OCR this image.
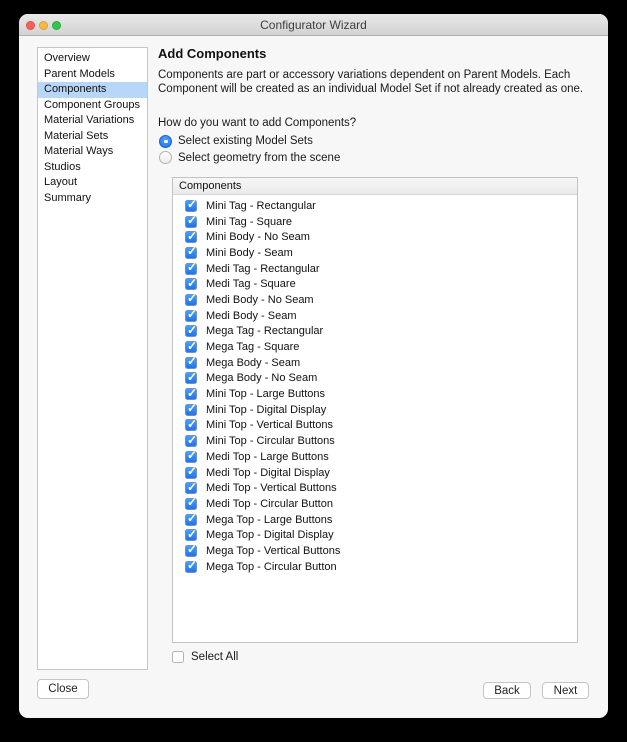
Configurator Wizard
Overview
Parent Models
Components
Component Groups
Material Variations
Material Sets
Material Ways
Studios
Layout
Summary
Add Components
Components are part or accessory variations dependent on Parent Models. Each Component will be created as an individual Model Set if not already created as one.
How do you want to add Components?
Select existing Model Sets
Select geometry from the scene
Components
✓
Mini Tag - Rectangular
✓
Mini Tag - Square
✓
Mini Body - No Seam
✓
Mini Body - Seam
✓
Medi Tag - Rectangular
✓
Medi Tag - Square
✓
Medi Body - No Seam
✓
Medi Body - Seam
✓
Mega Tag - Rectangular
✓
Mega Tag - Square
✓
Mega Body - Seam
✓
Mega Body - No Seam
✓
Mini Top - Large Buttons
✓
Mini Top - Digital Display
✓
Mini Top - Vertical Buttons
✓
Mini Top - Circular Buttons
✓
Medi Top - Large Buttons
✓
Medi Top - Digital Display
✓
Medi Top - Vertical Buttons
✓
Medi Top - Circular Button
✓
Mega Top - Large Buttons
✓
Mega Top - Digital Display
✓
Mega Top - Vertical Buttons
✓
Mega Top - Circular Button
Select All
Close	Back	Next
